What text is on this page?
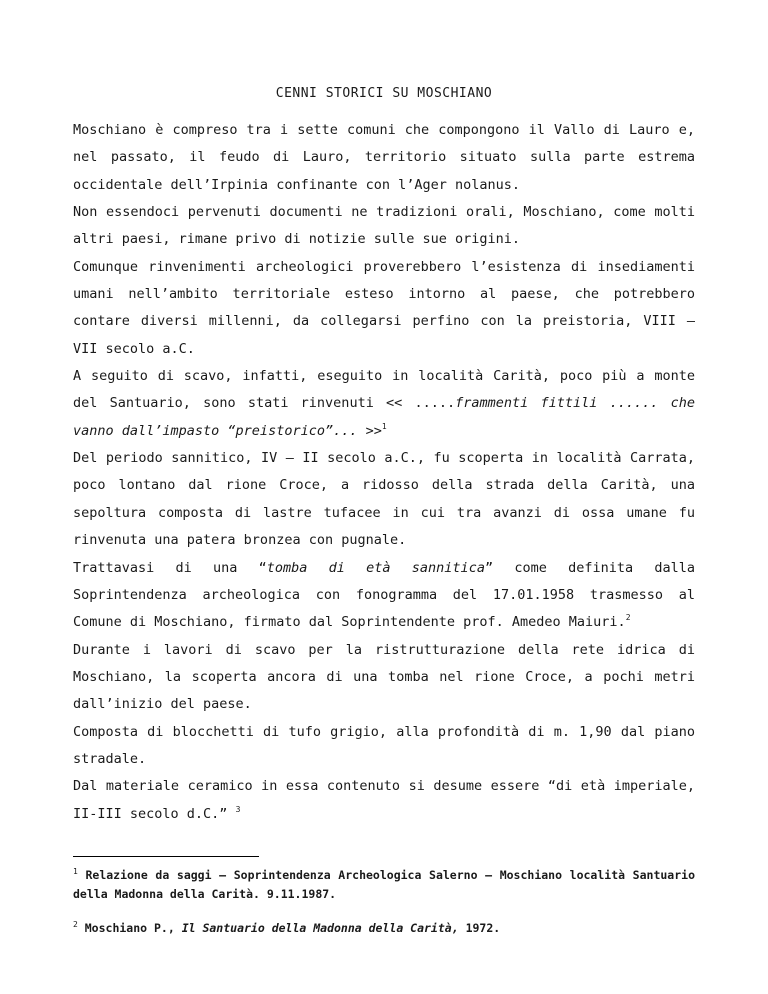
CENNI STORICI SU MOSCHIANO

Moschiano è compreso tra i sette comuni che compongono il Vallo di Lauro e, nel passato, il feudo di Lauro, territorio situato sulla parte estrema occidentale dell’Irpinia confinante con l’Ager nolanus.

Non essendoci pervenuti documenti ne tradizioni orali, Moschiano, come molti altri paesi, rimane privo di notizie sulle sue origini.

Comunque rinvenimenti archeologici proverebbero l’esistenza di insediamenti umani nell’ambito territoriale esteso intorno al paese, che potrebbero contare diversi millenni, da collegarsi perfino con la preistoria, VIII – VII secolo a.C.

A seguito di scavo, infatti, eseguito in località Carità, poco più a monte del Santuario, sono stati rinvenuti << .....frammenti fittili ...... che vanno dall’impasto “preistorico”... >>$^1$

Del periodo sannitico, IV – II secolo a.C., fu scoperta in località Carrata, poco lontano dal rione Croce, a ridosso della strada della Carità, una sepoltura composta di lastre tufacee in cui tra avanzi di ossa umane fu rinvenuta una patera bronzea con pugnale.

Trattavasi di una “tomba di età sannitica” come definita dalla Soprintendenza archeologica con fonogramma del 17.01.1958 trasmesso al Comune di Moschiano, firmato dal Soprintendente prof. Amedeo Maiuri.$^2$

Durante i lavori di scavo per la ristrutturazione della rete idrica di Moschiano, la scoperta ancora di una tomba nel rione Croce, a pochi metri dall’inizio del paese.

Composta di blocchetti di tufo grigio, alla profondità di m. 1,90 dal piano stradale.

Dal materiale ceramico in essa contenuto si desume essere “di età imperiale, II-III secolo d.C.” $^3$

$^1$ Relazione da saggi – Soprintendenza Archeologica Salerno – Moschiano località Santuario della Madonna della Carità. 9.11.1987.

$^2$ Moschiano P., Il Santuario della Madonna della Carità, 1972.
